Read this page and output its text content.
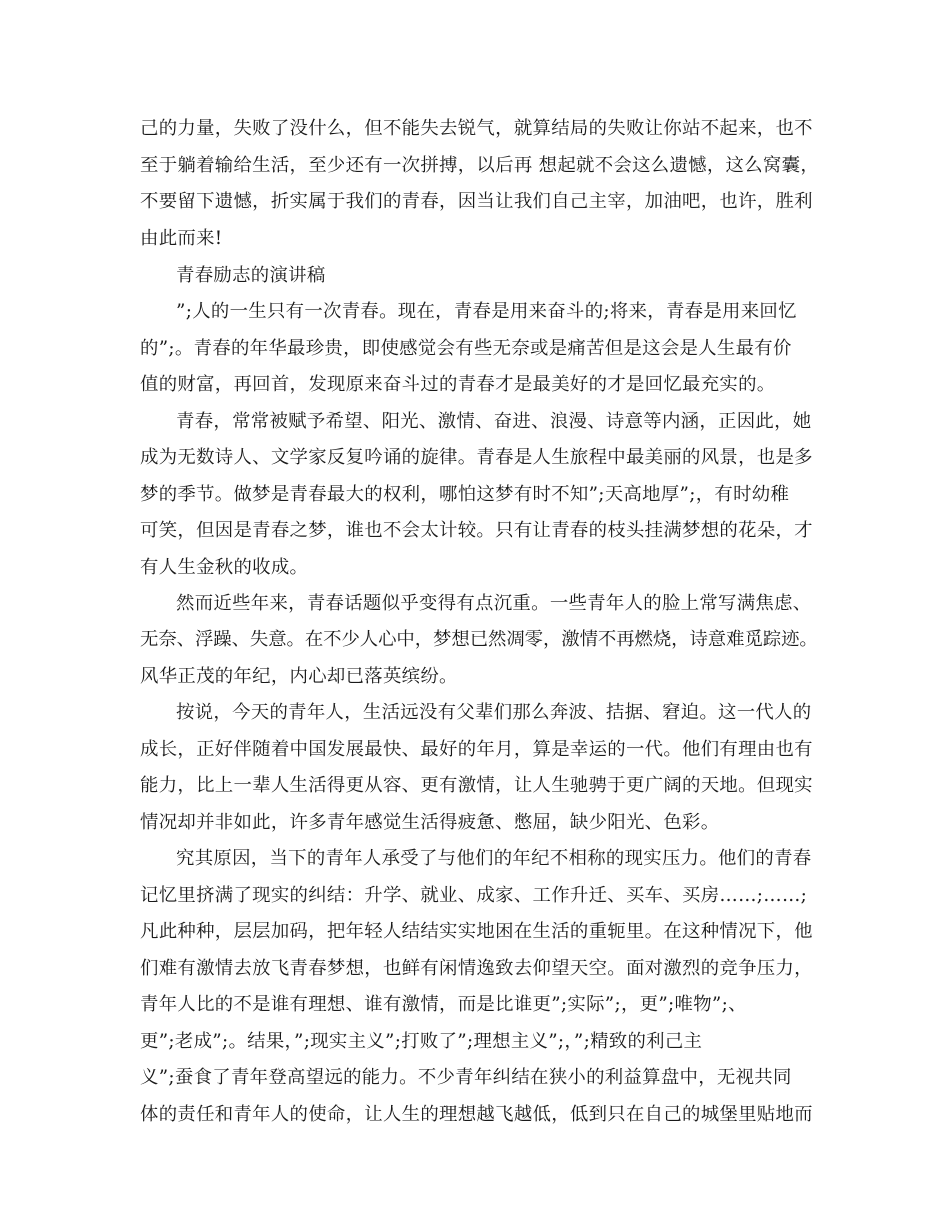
己的力量，失败了没什么，但不能失去锐气，就算结局的失败让你站不起来，也不
至于躺着输给生活，至少还有一次拼搏，以后再 想起就不会这么遗憾，这么窝囊，
不要留下遗憾，折实属于我们的青春，因当让我们自己主宰，加油吧，也许，胜利
由此而来!
青春励志的演讲稿
”;人的一生只有一次青春。现在，青春是用来奋斗的;将来，青春是用来回忆
的”;。青春的年华最珍贵，即使感觉会有些无奈或是痛苦但是这会是人生最有价
值的财富，再回首，发现原来奋斗过的青春才是最美好的才是回忆最充实的。
青春，常常被赋予希望、阳光、激情、奋进、浪漫、诗意等内涵，正因此，她
成为无数诗人、文学家反复吟诵的旋律。青春是人生旅程中最美丽的风景，也是多
梦的季节。做梦是青春最大的权利，哪怕这梦有时不知”;天高地厚”;，有时幼稚
可笑，但因是青春之梦，谁也不会太计较。只有让青春的枝头挂满梦想的花朵，才
有人生金秋的收成。
然而近些年来，青春话题似乎变得有点沉重。一些青年人的脸上常写满焦虑、
无奈、浮躁、失意。在不少人心中，梦想已然凋零，激情不再燃烧，诗意难觅踪迹。
风华正茂的年纪，内心却已落英缤纷。
按说，今天的青年人，生活远没有父辈们那么奔波、拮据、窘迫。这一代人的
成长，正好伴随着中国发展最快、最好的年月，算是幸运的一代。他们有理由也有
能力，比上一辈人生活得更从容、更有激情，让人生驰骋于更广阔的天地。但现实
情况却并非如此，许多青年感觉生活得疲惫、憋屈，缺少阳光、色彩。
究其原因，当下的青年人承受了与他们的年纪不相称的现实压力。他们的青春
记忆里挤满了现实的纠结：升学、就业、成家、工作升迁、买车、买房……;……;
凡此种种，层层加码，把年轻人结结实实地困在生活的重轭里。在这种情况下，他
们难有激情去放飞青春梦想，也鲜有闲情逸致去仰望天空。面对激烈的竞争压力，
青年人比的不是谁有理想、谁有激情，而是比谁更”;实际”;，更”;唯物”;、
更”;老成”;。结果，”;现实主义”;打败了”;理想主义”;，”;精致的利己主
义”;蚕食了青年登高望远的能力。不少青年纠结在狭小的利益算盘中，无视共同
体的责任和青年人的使命，让人生的理想越飞越低，低到只在自己的城堡里贴地而
